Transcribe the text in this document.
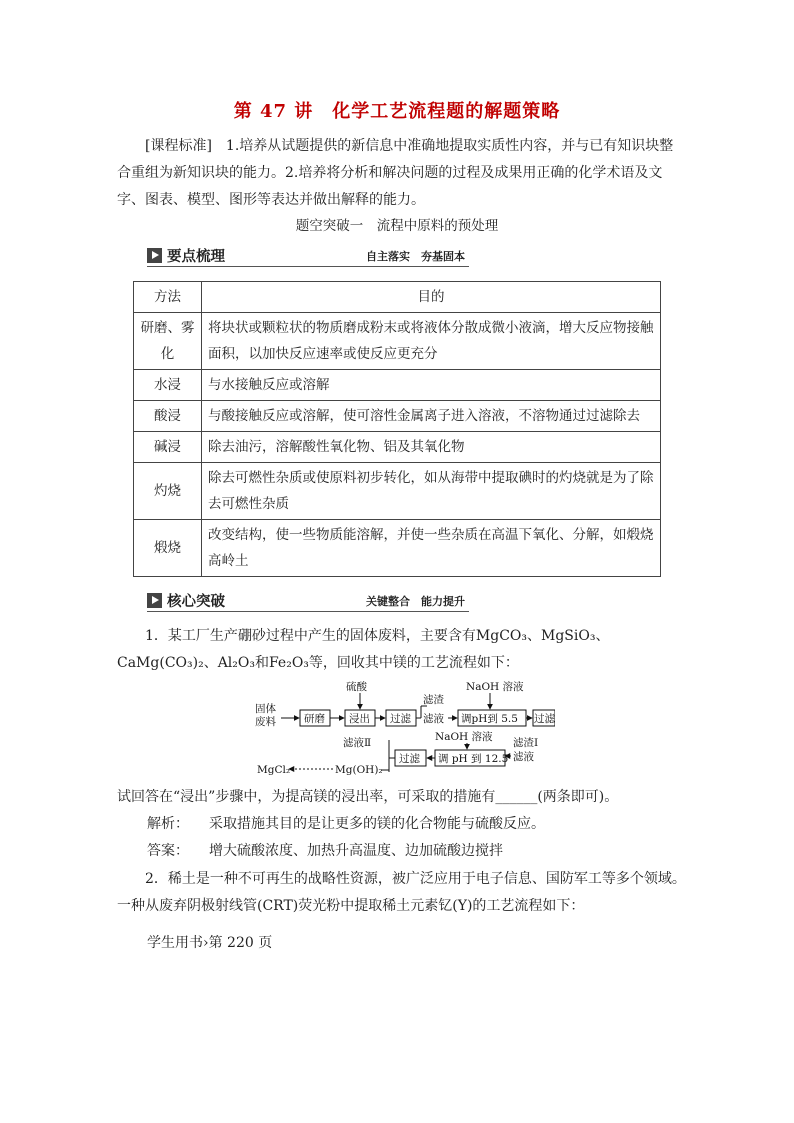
第 47 讲　化学工艺流程题的解题策略
[课程标准]　1.培养从试题提供的新信息中准确地提取实质性内容，并与已有知识块整合重组为新知识块的能力。2.培养将分析和解决问题的过程及成果用正确的化学术语及文字、图表、模型、图形等表达并做出解释的能力。
题空突破一　流程中原料的预处理
要点梳理	自主落实　夯基固本
方法	目的
研磨、雾化	将块状或颗粒状的物质磨成粉末或将液体分散成微小液滴，增大反应物接触面积，以加快反应速率或使反应更充分
水浸	与水接触反应或溶解
酸浸	与酸接触反应或溶解，使可溶性金属离子进入溶液，不溶物通过过滤除去
碱浸	除去油污，溶解酸性氧化物、铝及其氧化物
灼烧	除去可燃性杂质或使原料初步转化，如从海带中提取碘时的灼烧就是为了除去可燃性杂质
煅烧	改变结构，使一些物质能溶解，并使一些杂质在高温下氧化、分解，如煅烧高岭土
核心突破	关键整合　能力提升
1．某工厂生产硼砂过程中产生的固体废料，主要含有MgCO₃、MgSiO₃、CaMg(CO₃)₂、Al₂O₃和Fe₂O₃等，回收其中镁的工艺流程如下：
固体
废料	研磨
硫酸
浸出 过滤
滤渣
滤液
NaOH 溶液
调pH到 5.5 过滤
滤渣Ⅰ
滤液
NaOH 溶液
调 pH 到 12.5
过滤
滤液Ⅱ
Mg(OH)₂
MgCl₂
试回答在“浸出”步骤中，为提高镁的浸出率，可采取的措施有______(两条即可)。
解析： 采取措施其目的是让更多的镁的化合物能与硫酸反应。
答案： 增大硫酸浓度、加热升高温度、边加硫酸边搅拌
2．稀土是一种不可再生的战略性资源，被广泛应用于电子信息、国防军工等多个领域。一种从废弃阴极射线管(CRT)荧光粉中提取稀土元素钇(Y)的工艺流程如下：
学生用书›第 220 页
